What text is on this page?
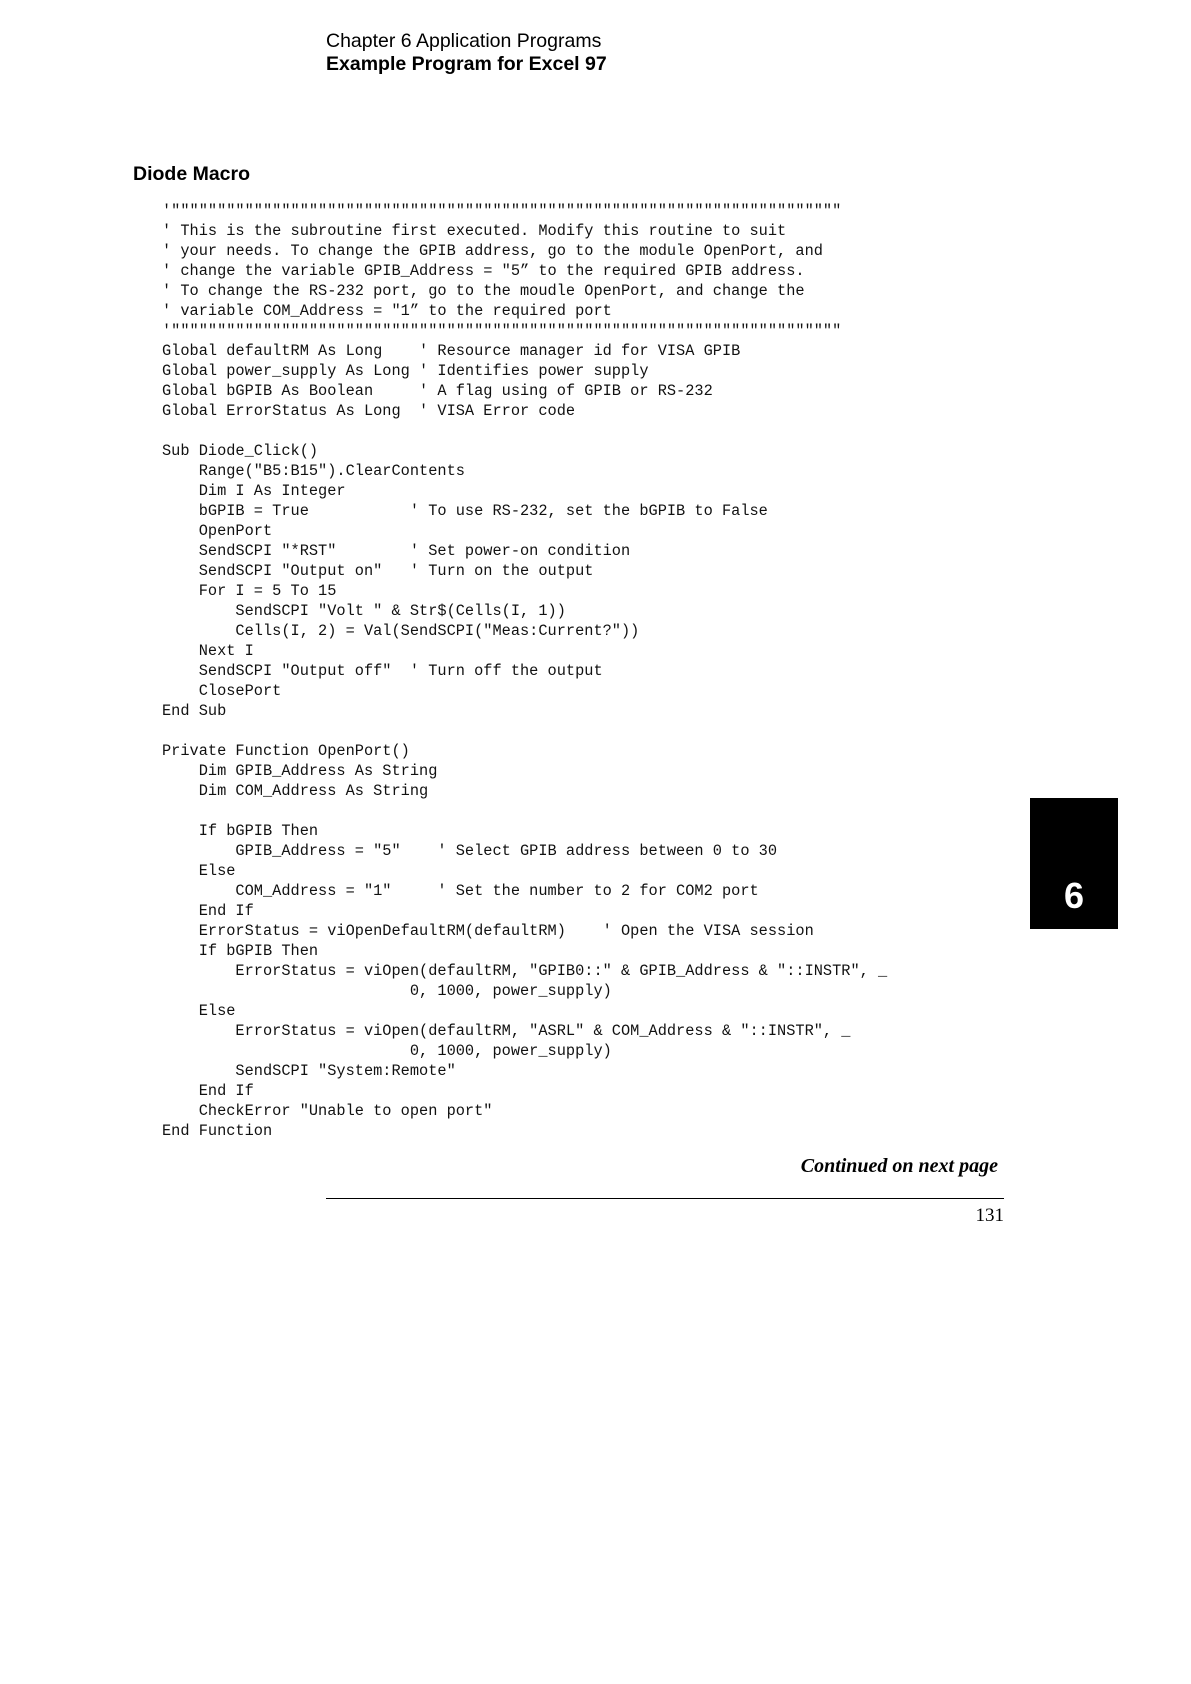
Chapter 6 Application Programs
Example Program for Excel 97
Diode Macro
'"""""""""""""""""""""""""""""""""""""""""""""""""""""""""""""""""""""""""
' This is the subroutine first executed. Modify this routine to suit
' your needs. To change the GPIB address, go to the module OpenPort, and
' change the variable GPIB_Address = "5” to the required GPIB address.
' To change the RS-232 port, go to the moudle OpenPort, and change the
' variable COM_Address = "1” to the required port
'"""""""""""""""""""""""""""""""""""""""""""""""""""""""""""""""""""""""""
Global defaultRM As Long    ' Resource manager id for VISA GPIB
Global power_supply As Long ' Identifies power supply
Global bGPIB As Boolean     ' A flag using of GPIB or RS-232
Global ErrorStatus As Long  ' VISA Error code
Sub Diode_Click()
Range("B5:B15").ClearContents
Dim I As Integer
bGPIB = True           ' To use RS-232, set the bGPIB to False
OpenPort
SendSCPI "*RST"        ' Set power-on condition
SendSCPI "Output on"   ' Turn on the output
For I = 5 To 15
SendSCPI "Volt " & Str$(Cells(I, 1))
Cells(I, 2) = Val(SendSCPI("Meas:Current?"))
Next I
SendSCPI "Output off"  ' Turn off the output
ClosePort
End Sub
Private Function OpenPort()
Dim GPIB_Address As String
Dim COM_Address As String
If bGPIB Then
GPIB_Address = "5"    ' Select GPIB address between 0 to 30
Else
COM_Address = "1"     ' Set the number to 2 for COM2 port
End If
ErrorStatus = viOpenDefaultRM(defaultRM)    ' Open the VISA session
If bGPIB Then
ErrorStatus = viOpen(defaultRM, "GPIB0::" & GPIB_Address & "::INSTR", _
0, 1000, power_supply)
Else
ErrorStatus = viOpen(defaultRM, "ASRL" & COM_Address & "::INSTR", _
0, 1000, power_supply)
SendSCPI "System:Remote"
End If
CheckError "Unable to open port"
End Function
6
Continued on next page
131
